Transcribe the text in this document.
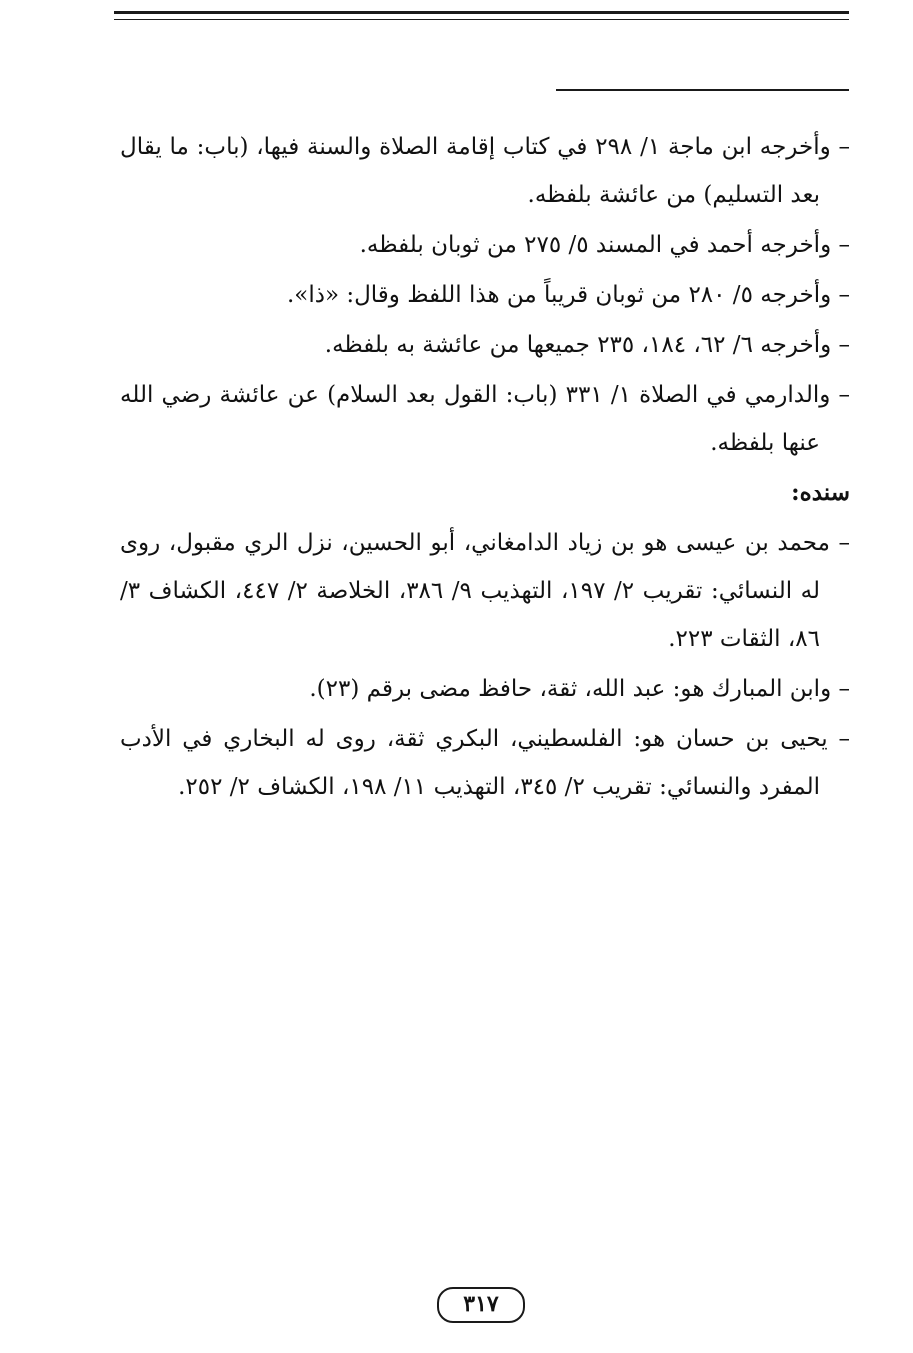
– وأخرجه ابن ماجة ١/ ٢٩٨ في كتاب إقامة الصلاة والسنة فيها، (باب: ما يقال بعد التسليم) من عائشة بلفظه.

– وأخرجه أحمد في المسند ٥/ ٢٧٥ من ثوبان بلفظه.

– وأخرجه ٥/ ٢٨٠ من ثوبان قريباً من هذا اللفظ وقال: «ذا».

– وأخرجه ٦/ ٦٢، ١٨٤، ٢٣٥ جميعها من عائشة به بلفظه.

– والدارمي في الصلاة ١/ ٣٣١ (باب: القول بعد السلام) عن عائشة رضي الله عنها بلفظه.

سنده:

– محمد بن عيسى هو بن زياد الدامغاني، أبو الحسين، نزل الري مقبول، روى له النسائي: تقريب ٢/ ١٩٧، التهذيب ٩/ ٣٨٦، الخلاصة ٢/ ٤٤٧، الكشاف ٣/ ٨٦، الثقات ٢٢٣.

– وابن المبارك هو: عبد الله، ثقة، حافظ مضى برقم (٢٣).

– يحيى بن حسان هو: الفلسطيني، البكري ثقة، روى له البخاري في الأدب المفرد والنسائي: تقريب ٢/ ٣٤٥، التهذيب ١١/ ١٩٨، الكشاف ٢/ ٢٥٢.

٣١٧
